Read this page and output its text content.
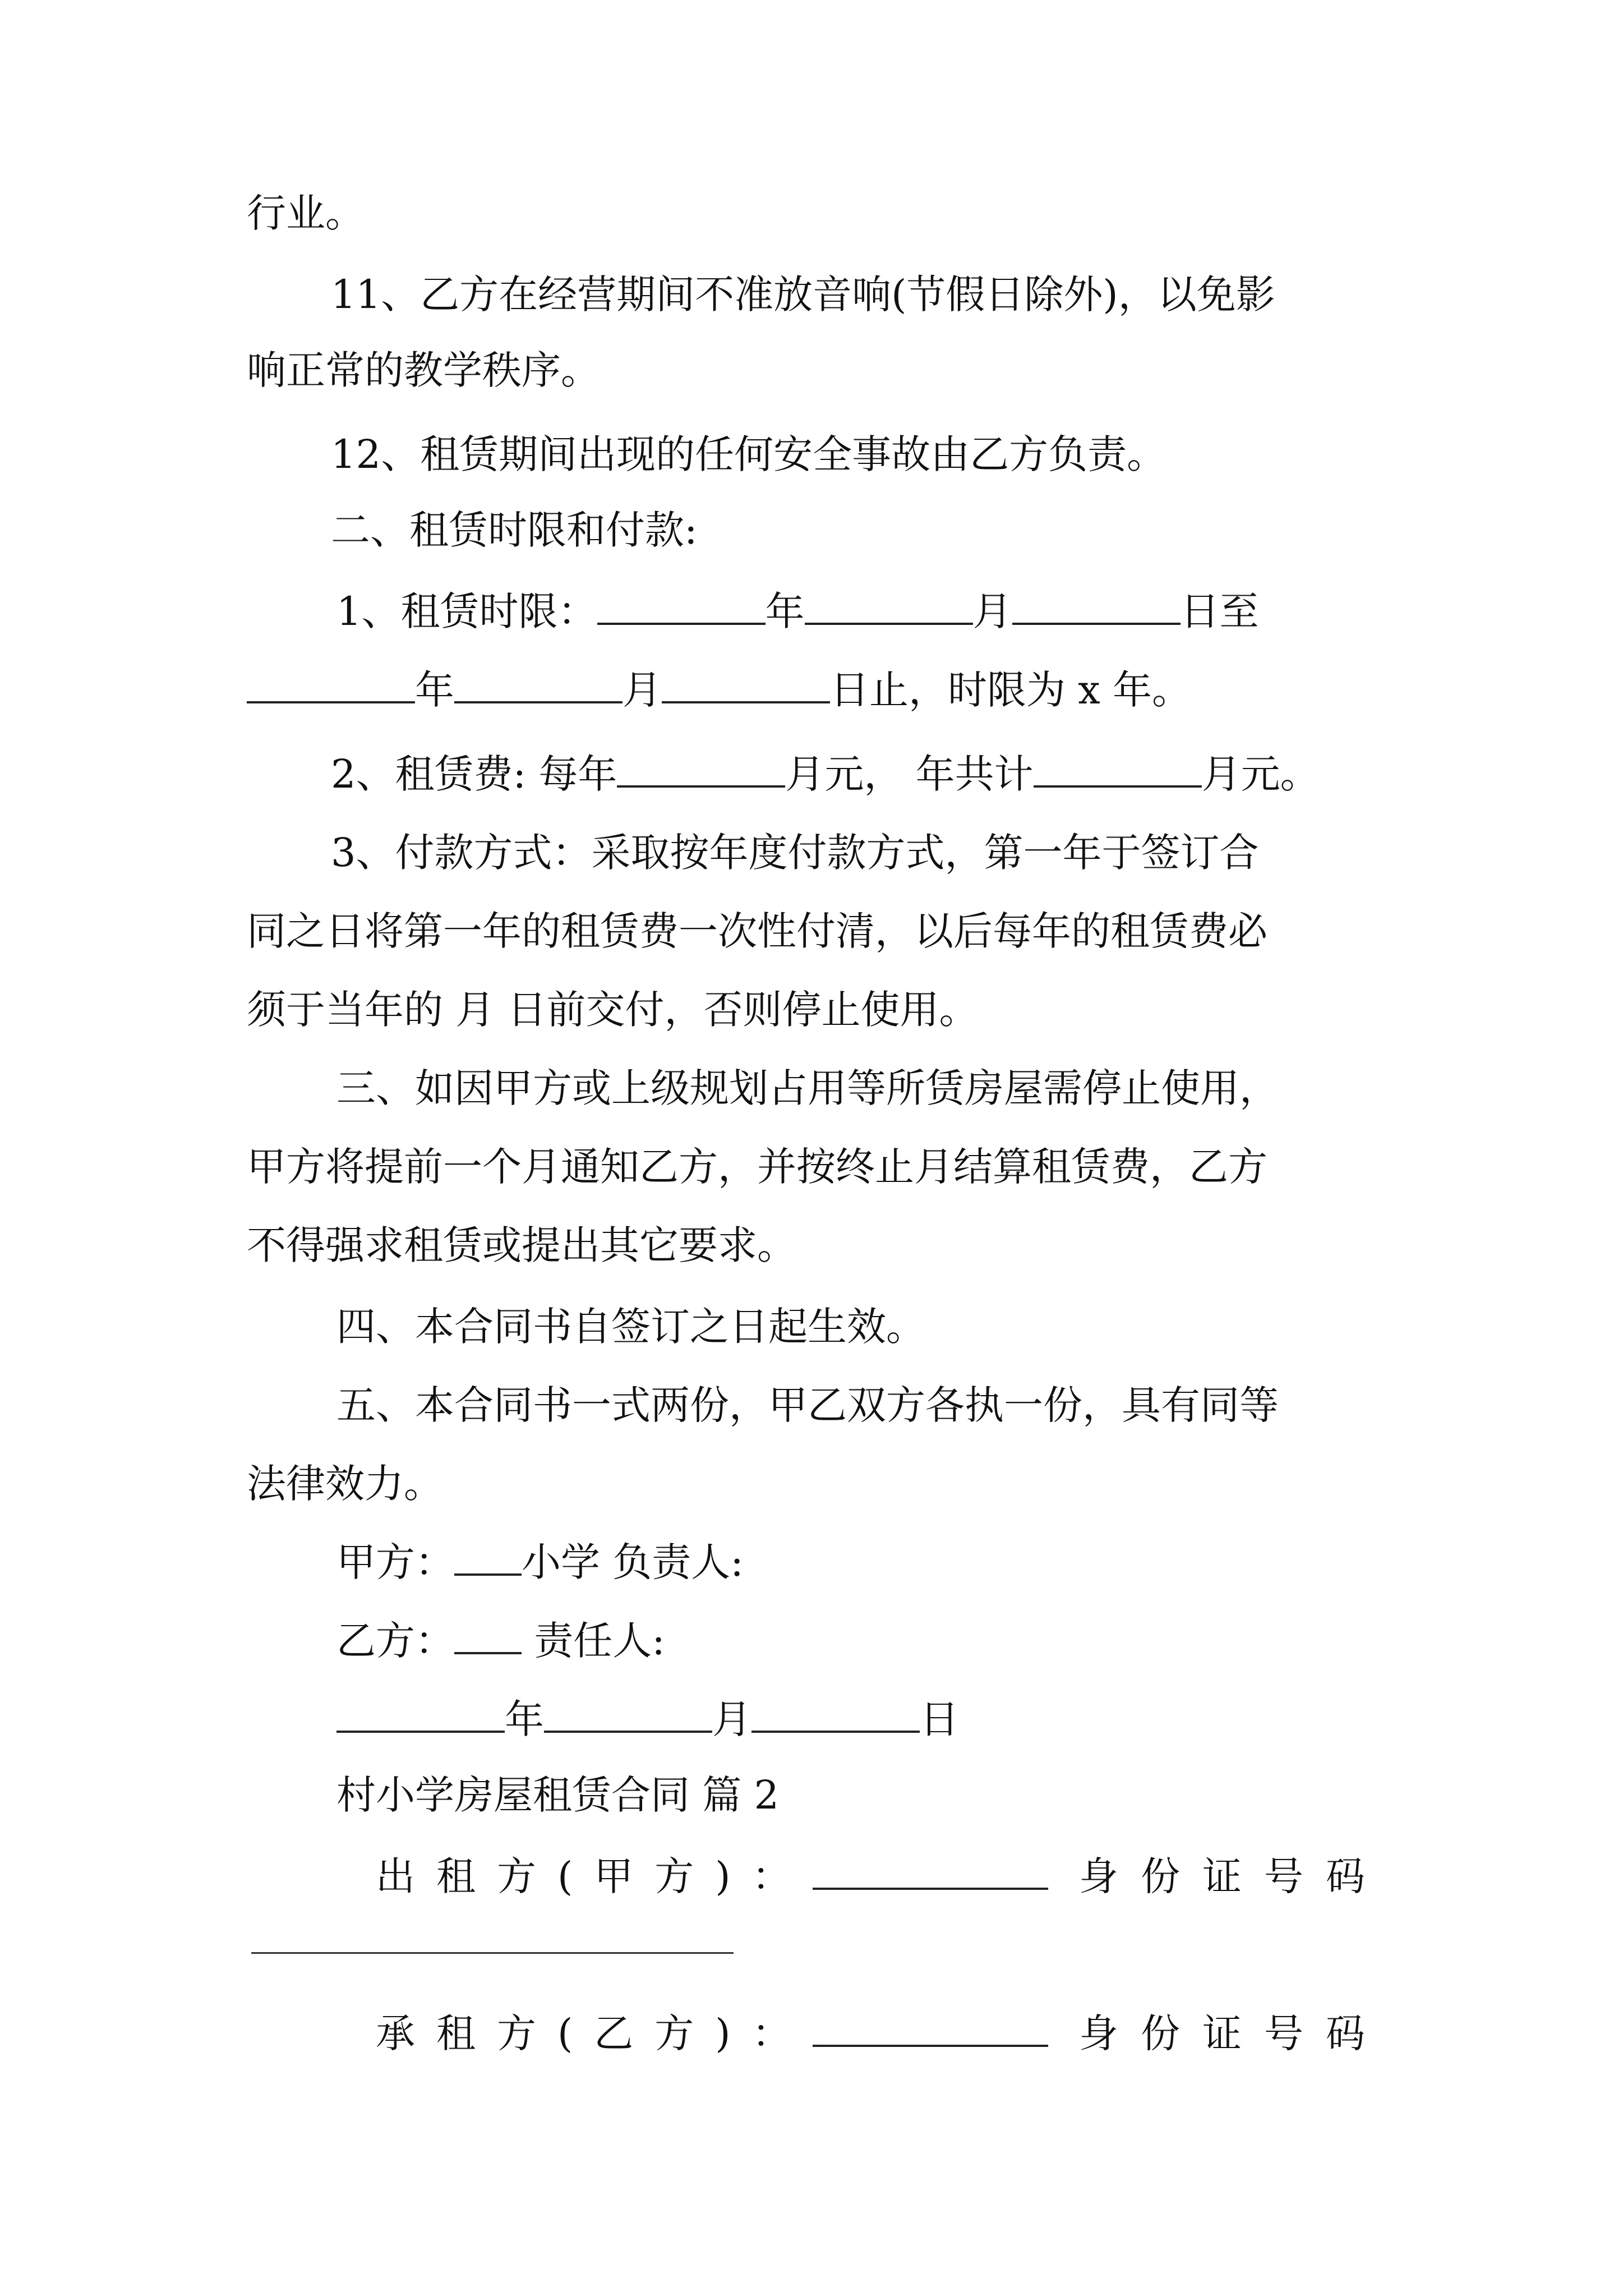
行业。
11、乙方在经营期间不准放音响(节假日除外)，以免影
响正常的教学秩序。
12、租赁期间出现的任何安全事故由乙方负责。
二、租赁时限和付款:
1、租赁时限：	年	月	日至
年	月	日止，时限为 x 年。
2、租赁费: 每年	月元， 年共计	月元。
3、付款方式：采取按年度付款方式，第一年于签订合
同之日将第一年的租赁费一次性付清，以后每年的租赁费必
须于当年的 月 日前交付，否则停止使用。
三、如因甲方或上级规划占用等所赁房屋需停止使用，
甲方将提前一个月通知乙方，并按终止月结算租赁费，乙方
不得强求租赁或提出其它要求。
四、本合同书自签订之日起生效。
五、本合同书一式两份，甲乙双方各执一份，具有同等
法律效力。
甲方： 小学 负责人:
乙方： 责任人:
年	月	日
村小学房屋租赁合同 篇 2
出租方(甲方)：	身份证号码
承租方(乙方)：	身份证号码
